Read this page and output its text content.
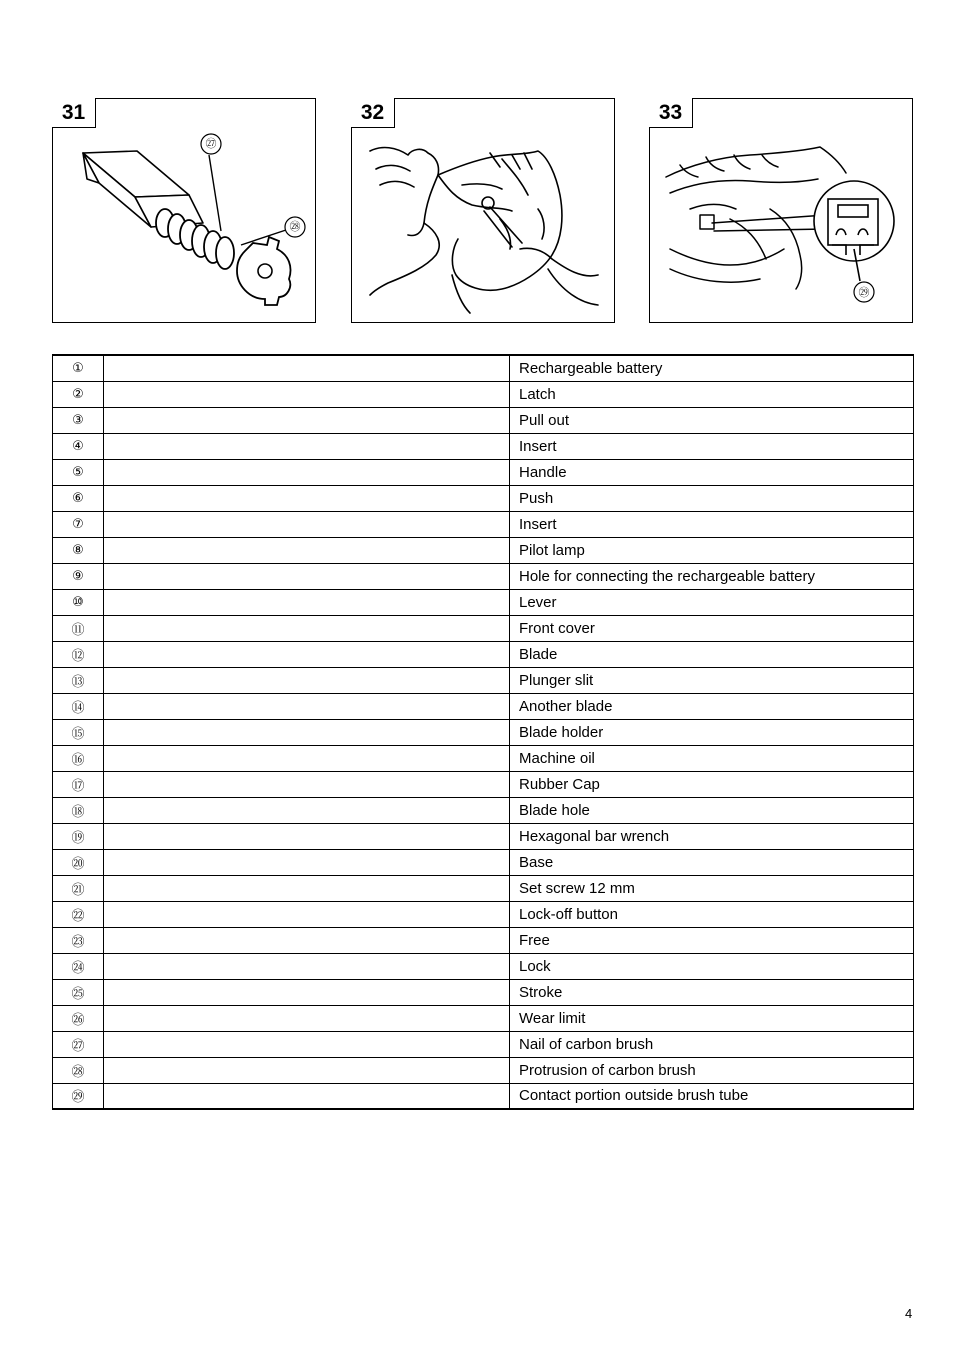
31
㉗
㉘
32	33
㉙
①		Rechargeable battery
②		Latch
③		Pull out
④		Insert
⑤		Handle
⑥		Push
⑦		Insert
⑧		Pilot lamp
⑨		Hole for connecting the rechargeable battery
⑩		Lever
⑪		Front cover
⑫		Blade
⑬		Plunger slit
⑭		Another blade
⑮		Blade holder
⑯		Machine oil
⑰		Rubber Cap
⑱		Blade hole
⑲		Hexagonal bar wrench
⑳		Base
㉑		Set screw 12 mm
㉒		Lock-off button
㉓		Free
㉔		Lock
㉕		Stroke
㉖		Wear limit
㉗		Nail of carbon brush
㉘		Protrusion of carbon brush
㉙		Contact portion outside brush tube
4
